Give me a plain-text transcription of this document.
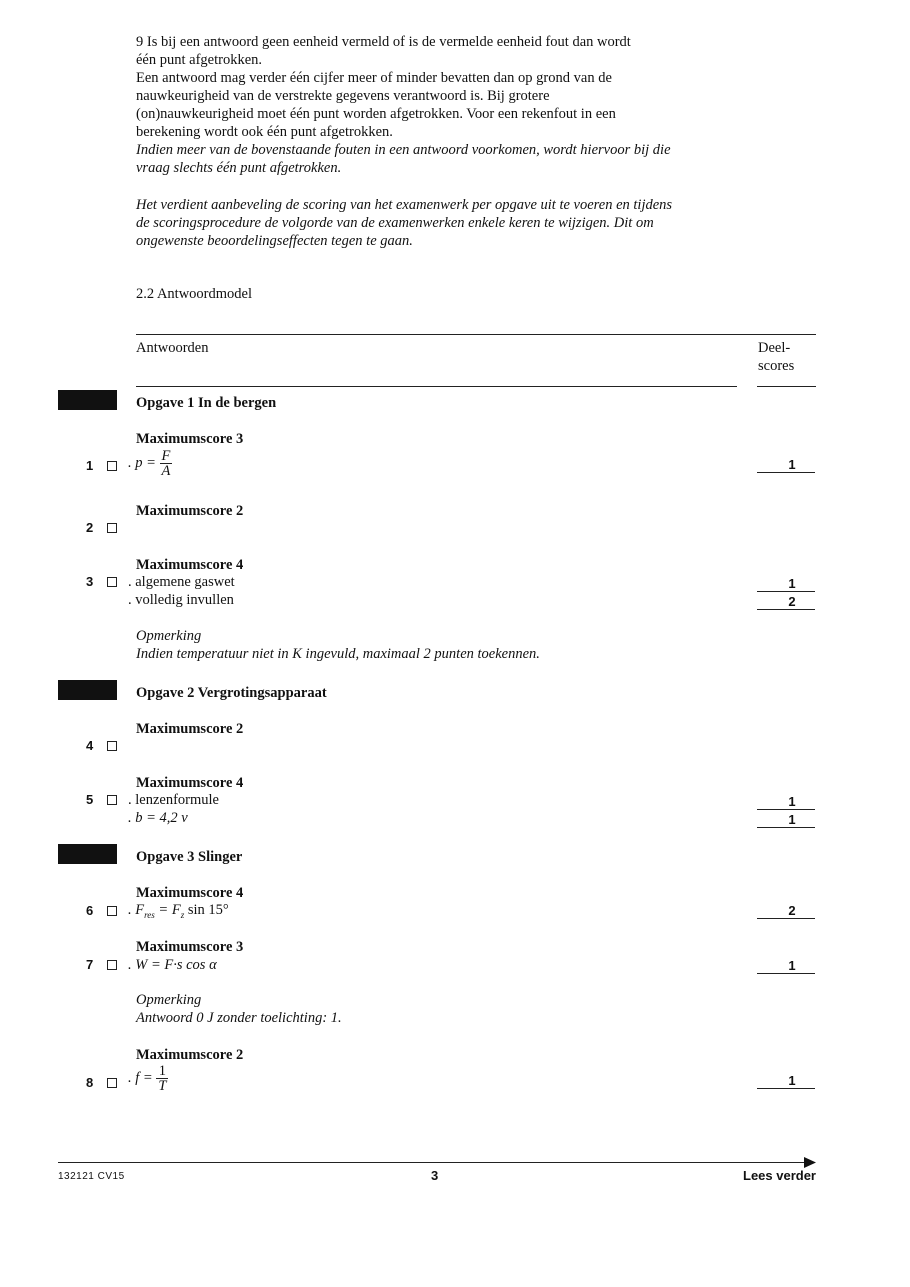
9 Is bij een antwoord geen eenheid vermeld of is de vermelde eenheid fout dan wordt
één punt afgetrokken.
Een antwoord mag verder één cijfer meer of minder bevatten dan op grond van de
nauwkeurigheid van de verstrekte gegevens verantwoord is. Bij grotere
(on)nauwkeurigheid moet één punt worden afgetrokken. Voor een rekenfout in een
berekening wordt ook één punt afgetrokken.
Indien meer van de bovenstaande fouten in een antwoord voorkomen, wordt hiervoor bij die
vraag slechts één punt afgetrokken.
Het verdient aanbeveling de scoring van het examenwerk per opgave uit te voeren en tijdens
de scoringsprocedure de volgorde van de examenwerken enkele keren te wijzigen. Dit om
ongewenste beoordelingseffecten tegen te gaan.
2.2 Antwoordmodel
Antwoorden	Deel-
scores
Opgave 1 In de bergen
Maximumscore 3
1 . $p = \frac{F}{A}$	1
Maximumscore 2
2
Maximumscore 4
3 . algemene gaswet	1
. volledig invullen	2
Opmerking
Indien temperatuur niet in K ingevuld, maximaal 2 punten toekennen.
Opgave 2 Vergrotingsapparaat
Maximumscore 2
4
Maximumscore 4
5 . lenzenformule	1
. b = 4,2 v	1
Opgave 3 Slinger
Maximumscore 4
6 . $F_{res} = F_z$ sin 15°	2
Maximumscore 3
7 . W = F·s cos α	1
Opmerking
Antwoord 0 J zonder toelichting: 1.
Maximumscore 2
8 . $f = \frac{1}{T}$	1
132121 CV15	3	Lees verder
